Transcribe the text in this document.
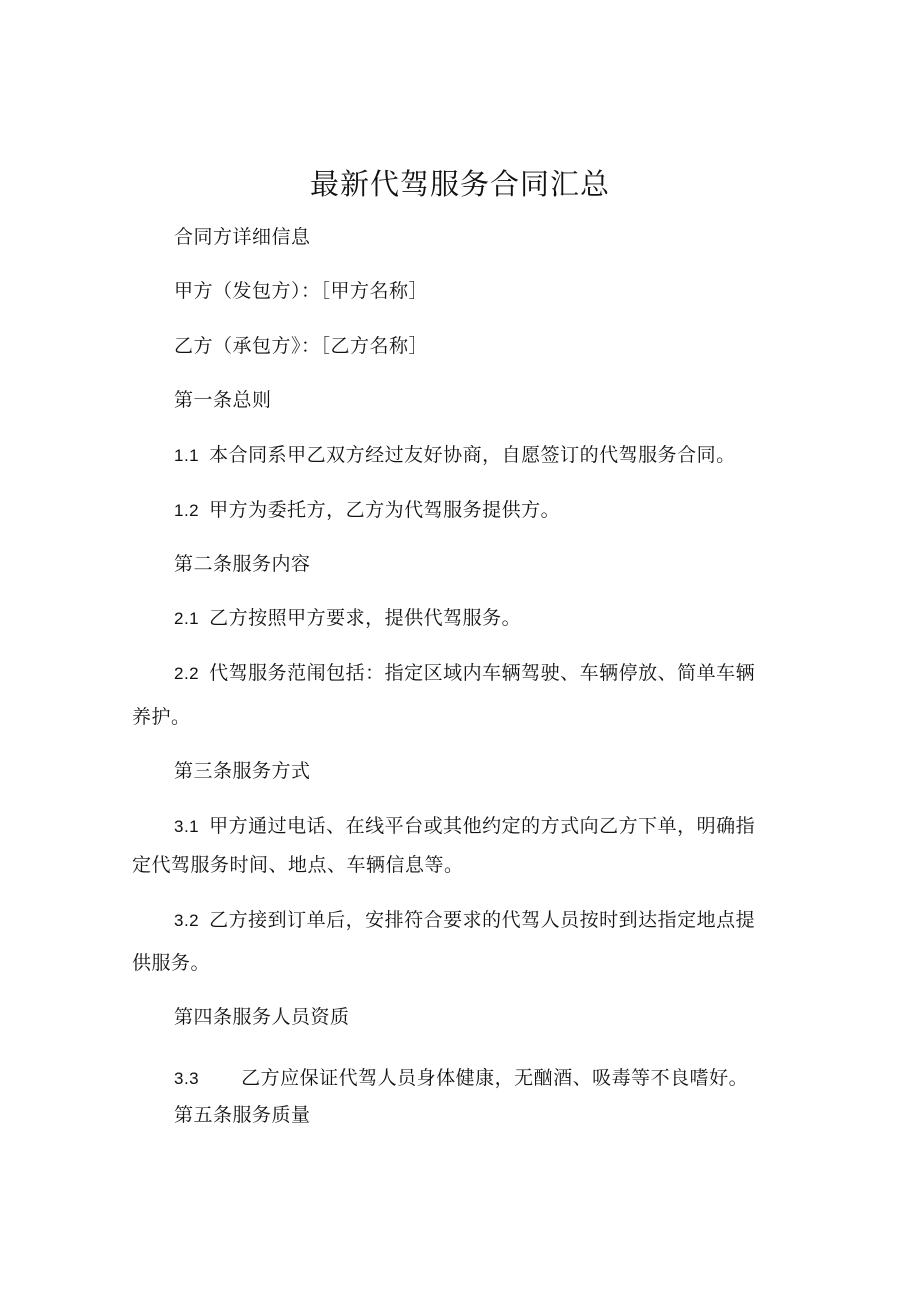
最新代驾服务合同汇总
合同方详细信息
甲方（发包方）：［甲方名称］
乙方（承包方》：［乙方名称］
第一条总则
1.1 本合同系甲乙双方经过友好协商，自愿签订的代驾服务合同。
1.2 甲方为委托方，乙方为代驾服务提供方。
第二条服务内容
2.1 乙方按照甲方要求，提供代驾服务。
2.2 代驾服务范闱包括：指定区域内车辆驾驶、车辆停放、简单车辆
养护。
第三条服务方式
3.1 甲方通过电话、在线平台或其他约定的方式向乙方下单，明确指
定代驾服务时间、地点、车辆信息等。
3.2 乙方接到订单后，安排符合要求的代驾人员按时到达指定地点提
供服务。
第四条服务人员资质
3.3 乙方应保证代驾人员身体健康，无酗酒、吸毒等不良嗜好。
第五条服务质量
